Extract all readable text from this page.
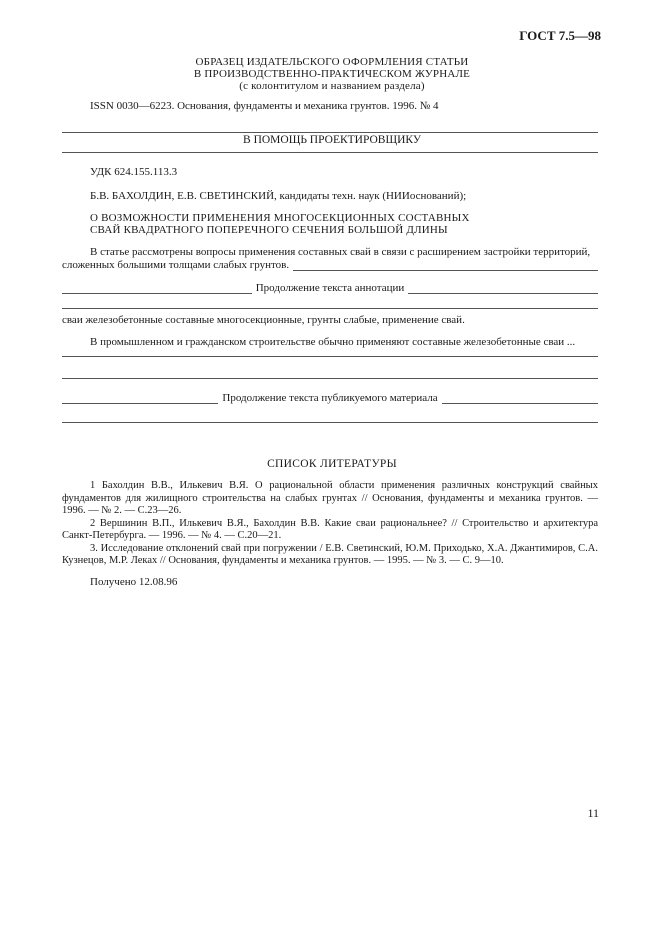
ГОСТ 7.5—98
ОБРАЗЕЦ ИЗДАТЕЛЬСКОГО ОФОРМЛЕНИЯ СТАТЬИ
В ПРОИЗВОДСТВЕННО-ПРАКТИЧЕСКОМ ЖУРНАЛЕ
(с колонтитулом и названием раздела)
ISSN 0030—6223. Основания, фундаменты и механика грунтов. 1996. № 4
В ПОМОЩЬ ПРОЕКТИРОВЩИКУ
УДК 624.155.113.3
Б.В. БАХОЛДИН, Е.В. СВЕТИНСКИЙ, кандидаты техн. наук (НИИоснований);
О ВОЗМОЖНОСТИ ПРИМЕНЕНИЯ МНОГОСЕКЦИОННЫХ СОСТАВНЫХ
СВАЙ КВАДРАТНОГО ПОПЕРЕЧНОГО СЕЧЕНИЯ БОЛЬШОЙ ДЛИНЫ
В статье рассмотрены вопросы применения составных свай в связи с расширением застройки территорий,
сложенных большими толщами слабых грунтов.
Продолжение текста аннотации
сваи железобетонные составные многосекционные, грунты слабые, применение свай.
В промышленном и гражданском строительстве обычно применяют составные железобетонные сваи ...
Продолжение текста публикуемого материала
СПИСОК ЛИТЕРАТУРЫ
1 Бахолдин В.В., Илькевич В.Я. О рациональной области применения различных конструкций свайных фундаментов для жилищного строительства на слабых грунтах // Основания, фундаменты и механика грунтов. — 1996. — № 2. — С.23—26.
2 Вершинин В.П., Илькевич В.Я., Бахолдин В.В. Какие сваи рациональнее? // Строительство и архитектура Санкт-Петербурга. — 1996. — № 4. — С.20—21.
3. Исследование отклонений свай при погружении / Е.В. Светинский, Ю.М. Приходько, Х.А. Джантимиров, С.А. Кузнецов, М.Р. Леках // Основания, фундаменты и механика грунтов. — 1995. — № 3. — С. 9—10.
Получено 12.08.96
11
